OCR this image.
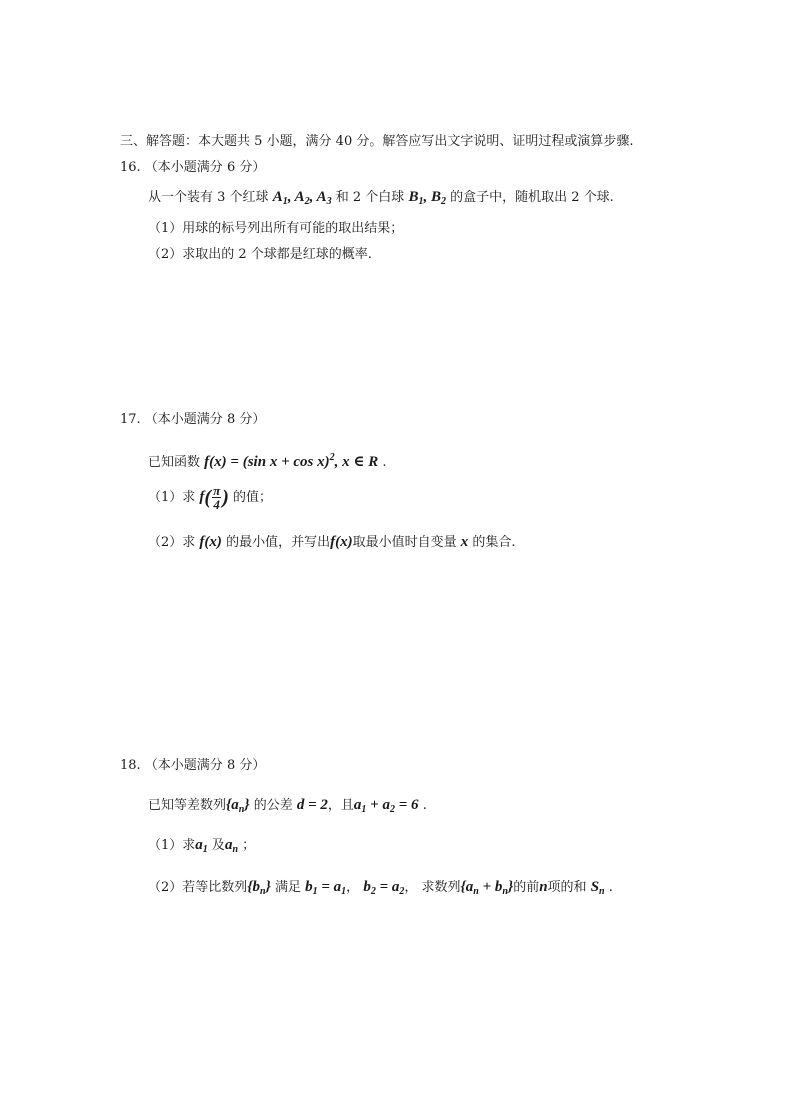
三、解答题：本大题共 5 小题，满分 40 分。解答应写出文字说明、证明过程或演算步骤.
16. （本小题满分 6 分）
从一个装有 3 个红球 $A_1$, $A_2$, $A_3$ 和 2 个白球 $B_1$, $B_2$ 的盒子中，随机取出 2 个球.
（1）用球的标号列出所有可能的取出结果；
（2）求取出的 2 个球都是红球的概率.
17. （本小题满分 8 分）
已知函数 f(x) = (sin x + cos x)$^2$, x ∈ R .
（1）求 $f( \frac{\pi}{4}$ ) 的值；
（2）求 f(x) 的最小值，并写出f(x)取最小值时自变量 x 的集合.
18. （本小题满分 8 分）
已知等差数列$\{a_n\}$ 的公差 d = 2，且$a_1 + a_2 = 6$ .
（1）求$a_1$ 及$a_n$ ；
（2）若等比数列$\{b_n\}$ 满足 $b_1 = a_1$， $b_2 = a_2$， 求数列$\{a_n + b_n\}$的前n项的和 $S_n$ .
